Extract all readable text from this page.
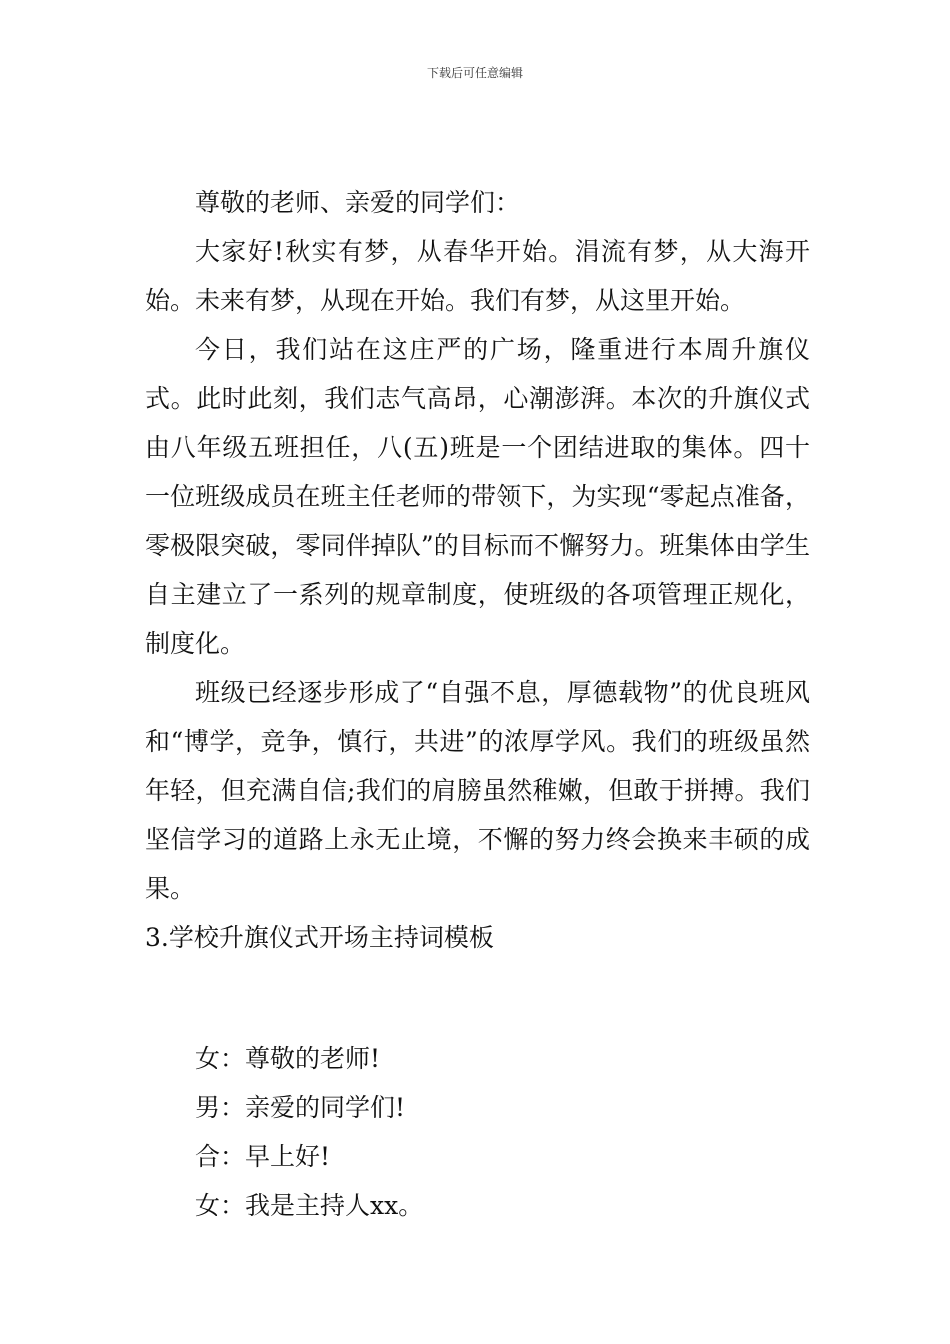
下载后可任意编辑

尊敬的老师、亲爱的同学们：

大家好!秋实有梦，从春华开始。涓流有梦，从大海开始。未来有梦，从现在开始。我们有梦，从这里开始。

今日，我们站在这庄严的广场，隆重进行本周升旗仪式。此时此刻，我们志气高昂，心潮澎湃。本次的升旗仪式由八年级五班担任，八(五)班是一个团结进取的集体。四十一位班级成员在班主任老师的带领下，为实现“零起点准备，零极限突破，零同伴掉队”的目标而不懈努力。班集体由学生自主建立了一系列的规章制度，使班级的各项管理正规化，制度化。

班级已经逐步形成了“自强不息，厚德载物”的优良班风和“博学，竞争，慎行，共进”的浓厚学风。我们的班级虽然年轻，但充满自信;我们的肩膀虽然稚嫩，但敢于拼搏。我们坚信学习的道路上永无止境，不懈的努力终会换来丰硕的成果。

3.学校升旗仪式开场主持词模板

女：尊敬的老师!

男：亲爱的同学们!

合：早上好!

女：我是主持人xx。
